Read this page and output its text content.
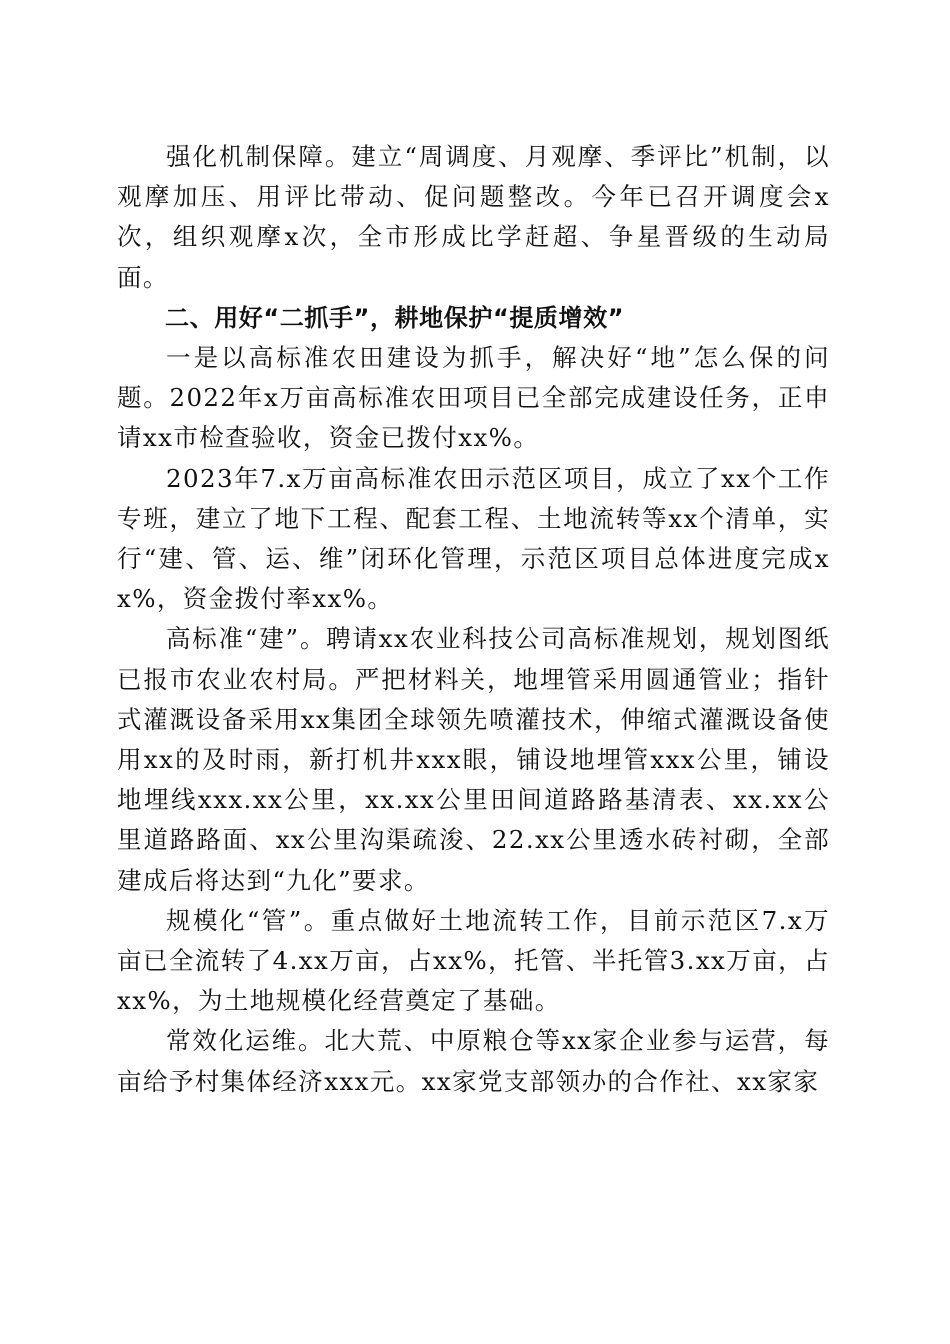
强化机制保障。建立“周调度、月观摩、季评比”机制，以观摩加压、用评比带动、促问题整改。今年已召开调度会x次，组织观摩x次，全市形成比学赶超、争星晋级的生动局面。

二、用好“二抓手”，耕地保护“提质增效”

一是以高标准农田建设为抓手，解决好“地”怎么保的问题。2022年x万亩高标准农田项目已全部完成建设任务，正申请xx市检查验收，资金已拨付xx%。

2023年7.x万亩高标准农田示范区项目，成立了xx个工作专班，建立了地下工程、配套工程、土地流转等xx个清单，实行“建、管、运、维”闭环化管理，示范区项目总体进度完成xx%，资金拨付率xx%。

高标准“建”。聘请xx农业科技公司高标准规划，规划图纸已报市农业农村局。严把材料关，地埋管采用圆通管业；指针式灌溉设备采用xx集团全球领先喷灌技术，伸缩式灌溉设备使用xx的及时雨，新打机井xxx眼，铺设地埋管xxx公里，铺设地埋线xxx.xx公里，xx.xx公里田间道路路基清表、xx.xx公里道路路面、xx公里沟渠疏浚、22.xx公里透水砖衬砌，全部建成后将达到“九化”要求。

规模化“管”。重点做好土地流转工作，目前示范区7.x万亩已全流转了4.xx万亩，占xx%，托管、半托管3.xx万亩，占xx%，为土地规模化经营奠定了基础。

常效化运维。北大荒、中原粮仓等xx家企业参与运营，每亩给予村集体经济xxx元。xx家党支部领办的合作社、xx家家
